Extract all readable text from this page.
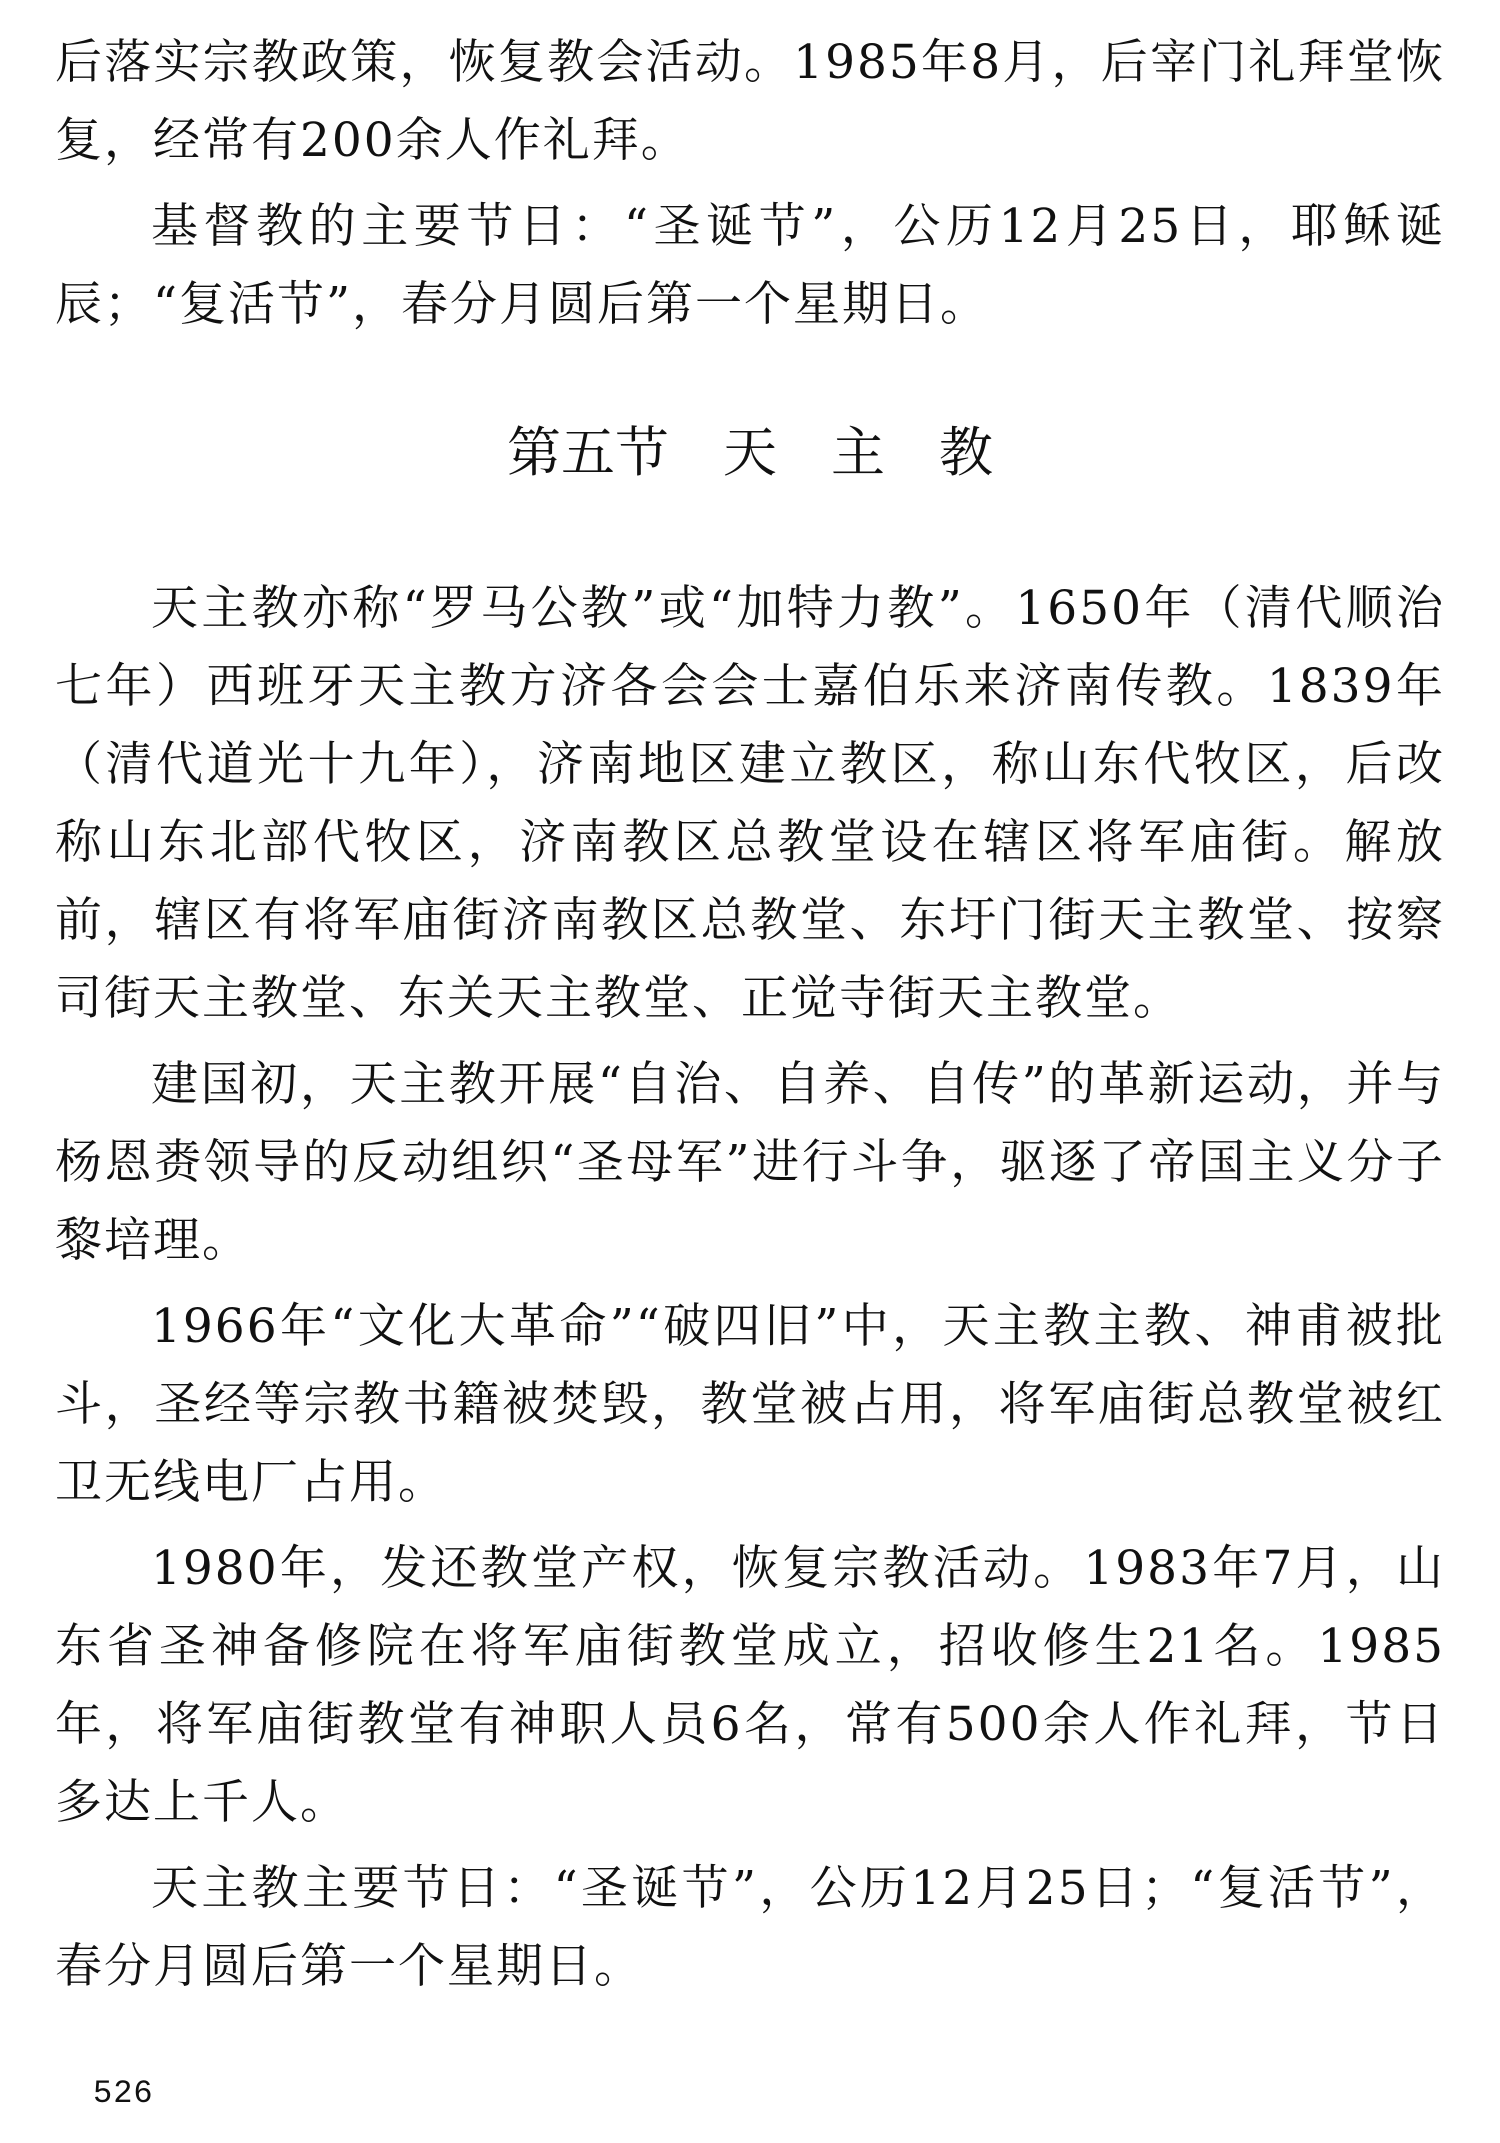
后落实宗教政策，恢复教会活动。1985年8月，后宰门礼拜堂恢复，经常有200余人作礼拜。

基督教的主要节日：“圣诞节”，公历12月25日，耶稣诞辰；“复活节”，春分月圆后第一个星期日。

第五节　天　主　教

天主教亦称“罗马公教”或“加特力教”。1650年（清代顺治七年）西班牙天主教方济各会会士嘉伯乐来济南传教。1839年（清代道光十九年），济南地区建立教区，称山东代牧区，后改称山东北部代牧区，济南教区总教堂设在辖区将军庙街。解放前，辖区有将军庙街济南教区总教堂、东圩门街天主教堂、按察司街天主教堂、东关天主教堂、正觉寺街天主教堂。

建国初，天主教开展“自治、自养、自传”的革新运动，并与杨恩赉领导的反动组织“圣母军”进行斗争，驱逐了帝国主义分子黎培理。

1966年“文化大革命”“破四旧”中，天主教主教、神甫被批斗，圣经等宗教书籍被焚毁，教堂被占用，将军庙街总教堂被红卫无线电厂占用。

1980年，发还教堂产权，恢复宗教活动。1983年7月，山东省圣神备修院在将军庙街教堂成立，招收修生21名。1985年，将军庙街教堂有神职人员6名，常有500余人作礼拜，节日多达上千人。

天主教主要节日：“圣诞节”，公历12月25日；“复活节”，春分月圆后第一个星期日。

526
